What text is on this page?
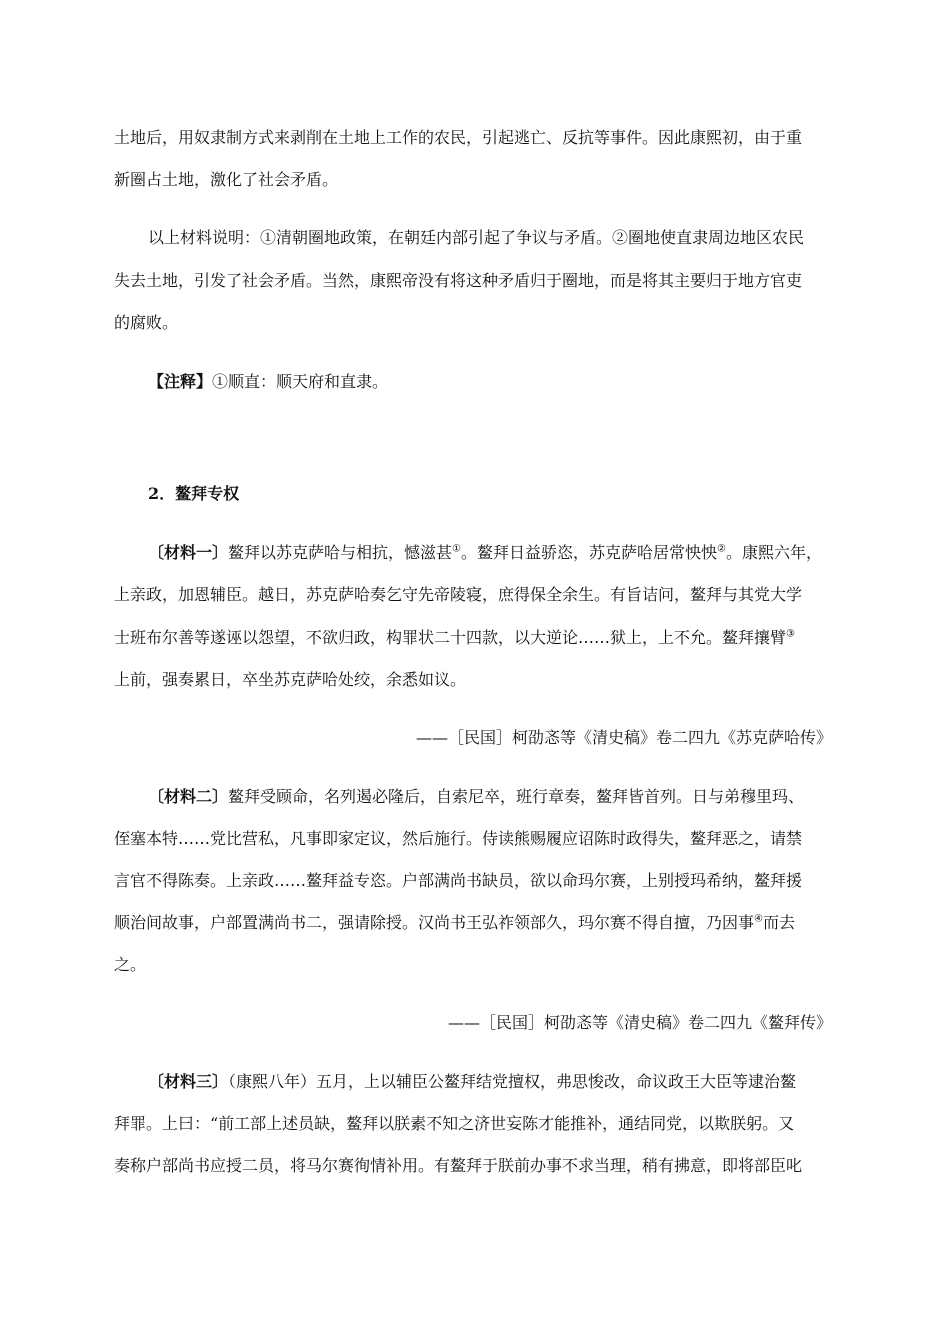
土地后，用奴隶制方式来剥削在土地上工作的农民，引起逃亡、反抗等事件。因此康熙初，由于重
新圈占土地，激化了社会矛盾。
以上材料说明：①清朝圈地政策，在朝廷内部引起了争议与矛盾。②圈地使直隶周边地区农民
失去土地，引发了社会矛盾。当然，康熙帝没有将这种矛盾归于圈地，而是将其主要归于地方官吏
的腐败。
【注释】①顺直：顺天府和直隶。
2．鳌拜专权
〔材料一〕鳌拜以苏克萨哈与相抗，憾滋甚①。鳌拜日益骄恣，苏克萨哈居常怏怏②。康熙六年，
上亲政，加恩辅臣。越日，苏克萨哈奏乞守先帝陵寝，庶得保全余生。有旨诘问，鳌拜与其党大学
士班布尔善等遂诬以怨望，不欲归政，构罪状二十四款，以大逆论……狱上，上不允。鳌拜攘臂③
上前，强奏累日，卒坐苏克萨哈处绞，余悉如议。
——［民国］柯劭忞等《清史稿》卷二四九《苏克萨哈传》
〔材料二〕鳌拜受顾命，名列遏必隆后，自索尼卒，班行章奏，鳌拜皆首列。日与弟穆里玛、
侄塞本特……党比营私，凡事即家定议，然后施行。侍读熊赐履应诏陈时政得失，鳌拜恶之，请禁
言官不得陈奏。上亲政……鳌拜益专恣。户部满尚书缺员，欲以命玛尔赛，上别授玛希纳，鳌拜援
顺治间故事，户部置满尚书二，强请除授。汉尚书王弘祚领部久，玛尔赛不得自擅，乃因事④而去
之。
——［民国］柯劭忞等《清史稿》卷二四九《鳌拜传》
〔材料三〕（康熙八年）五月，上以辅臣公鳌拜结党擅权，弗思悛改，命议政王大臣等逮治鳌
拜罪。上曰：“前工部上述员缺，鳌拜以朕素不知之济世妄陈才能推补，通结同党，以欺朕躬。又
奏称户部尚书应授二员，将马尔赛徇情补用。有鳌拜于朕前办事不求当理，稍有拂意，即将部臣叱
